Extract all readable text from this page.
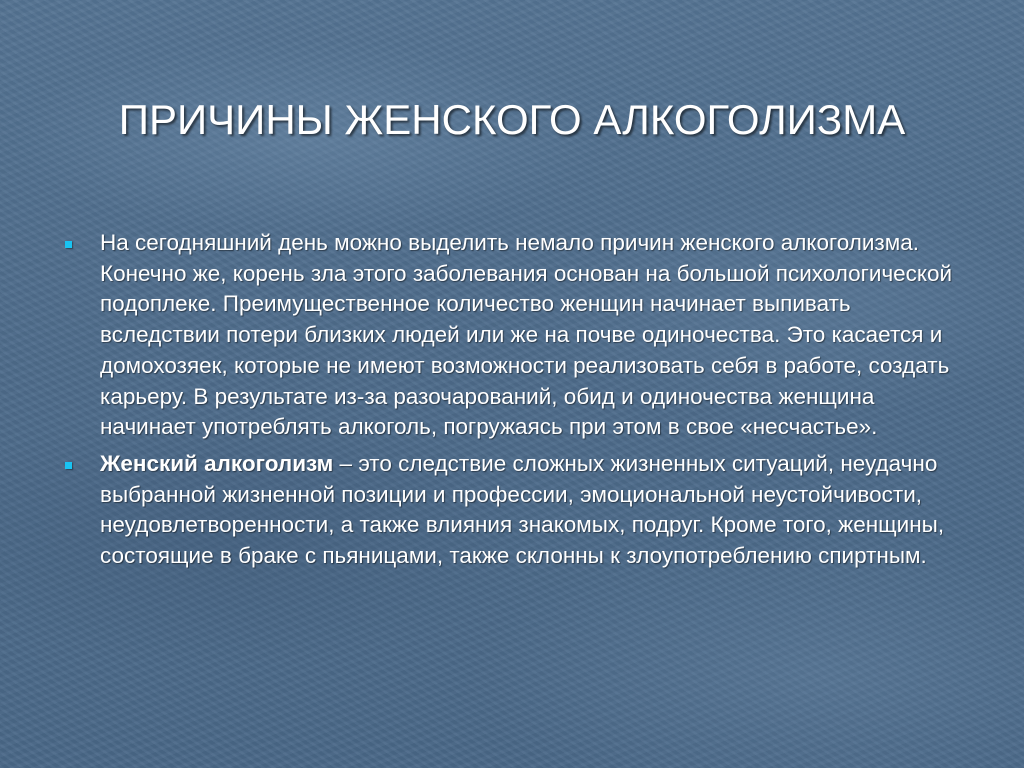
ПРИЧИНЫ ЖЕНСКОГО АЛКОГОЛИЗМА

На сегодняшний день можно выделить немало причин женского алкоголизма. Конечно же, корень зла этого заболевания основан на большой психологической подоплеке. Преимущественное количество женщин начинает выпивать вследствии потери близких людей или же на почве одиночества. Это касается и домохозяек, которые не имеют возможности реализовать себя в работе, создать карьеру. В результате из-за разочарований, обид и одиночества женщина начинает употреблять алкоголь, погружаясь при этом в свое «несчастье».

Женский алкоголизм – это следствие сложных жизненных ситуаций, неудачно выбранной жизненной позиции и профессии, эмоциональной неустойчивости, неудовлетворенности, а также влияния знакомых, подруг. Кроме того, женщины, состоящие в браке с пьяницами, также склонны к злоупотреблению спиртным.
